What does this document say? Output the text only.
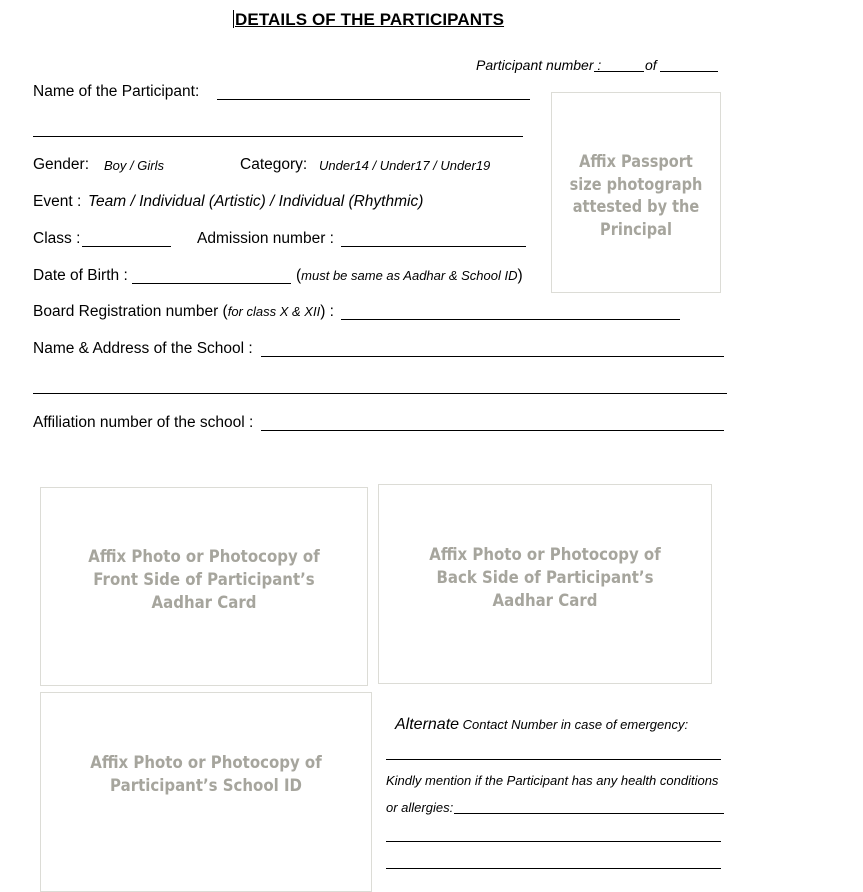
DETAILS OF THE PARTICIPANTS
Participant number :	of
Name of the Participant:
Gender: Boy / Girls	Category: Under14 / Under17 / Under19
Event : Team / Individual (Artistic) / Individual (Rhythmic)
Class :	Admission number :
Date of Birth :	(must be same as Aadhar & School ID)
Board Registration number (for class X & XII) :
Name & Address of the School :
Affiliation number of the school :
Affix Passport
size photograph
attested by the
Principal
Affix Photo or Photocopy of
Front Side of Participant’s
Aadhar Card
Affix Photo or Photocopy of
Back Side of Participant’s
Aadhar Card
Affix Photo or Photocopy of
Participant’s School ID
Alternate Contact Number in case of emergency:
Kindly mention if the Participant has any health conditions
or allergies:
